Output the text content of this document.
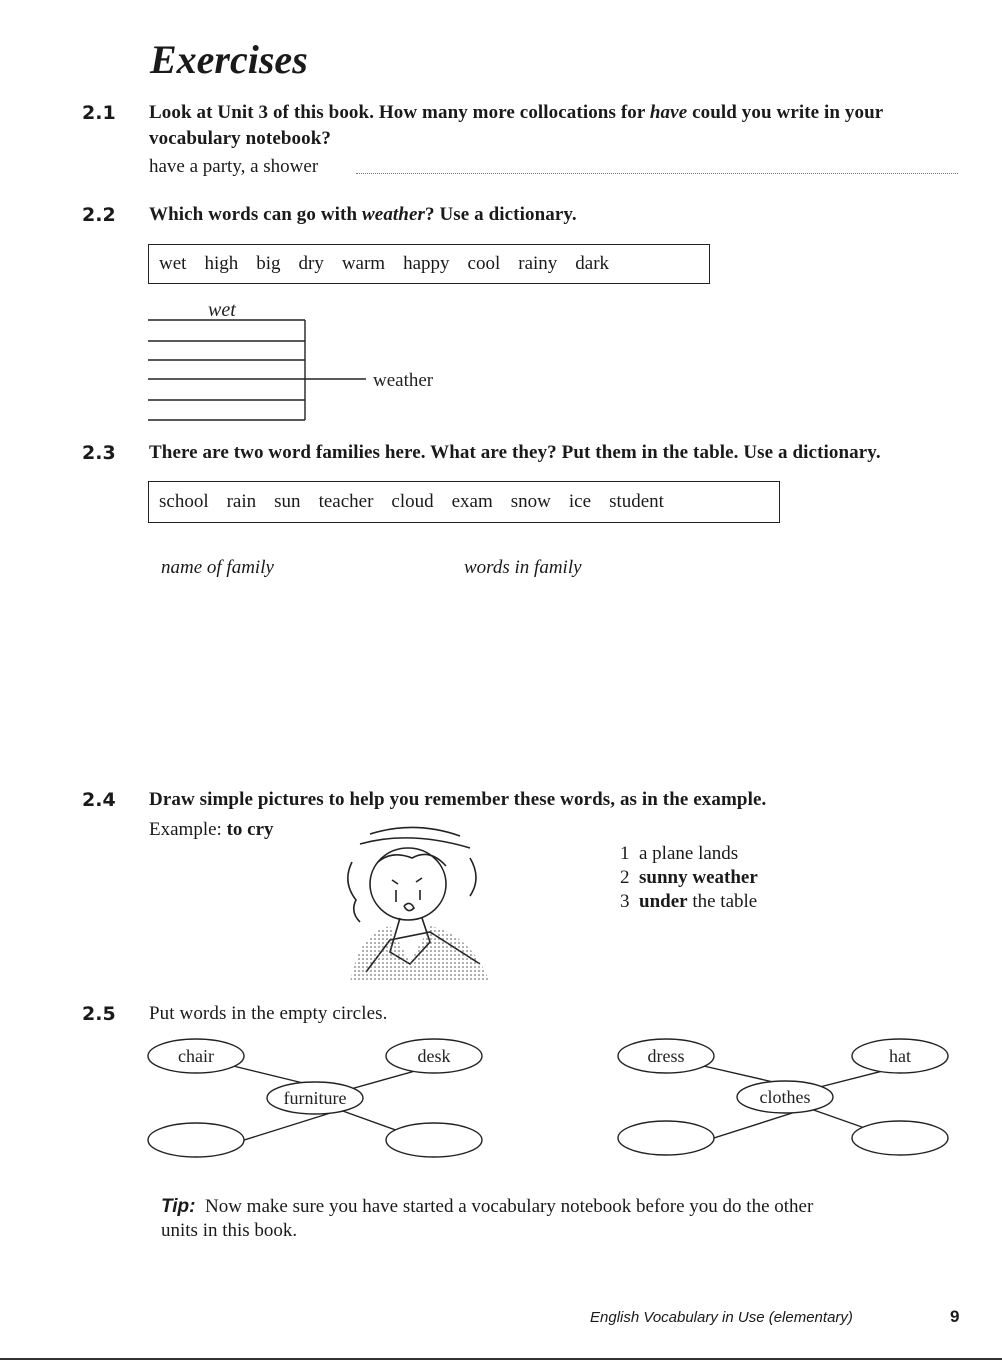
Exercises
2.1 Look at Unit 3 of this book. How many more collocations for have could you write in your
vocabulary notebook?
have a party, a shower
2.2 Which words can go with weather? Use a dictionary.
wet high big dry warm happy cool rainy dark
wet
weather
2.3 There are two word families here. What are they? Put them in the table. Use a dictionary.
school rain sun teacher cloud exam snow ice student
name of family	words in family
2.4 Draw simple pictures to help you remember these words, as in the example.
Example: to cry
1 a plane lands
2 sunny weather
3 under the table
2.5 Put words in the empty circles.
chair	desk
furniture
dress	hat
clothes
Tip: Now make sure you have started a vocabulary notebook before you do the other
units in this book.
English Vocabulary in Use (elementary)	9
